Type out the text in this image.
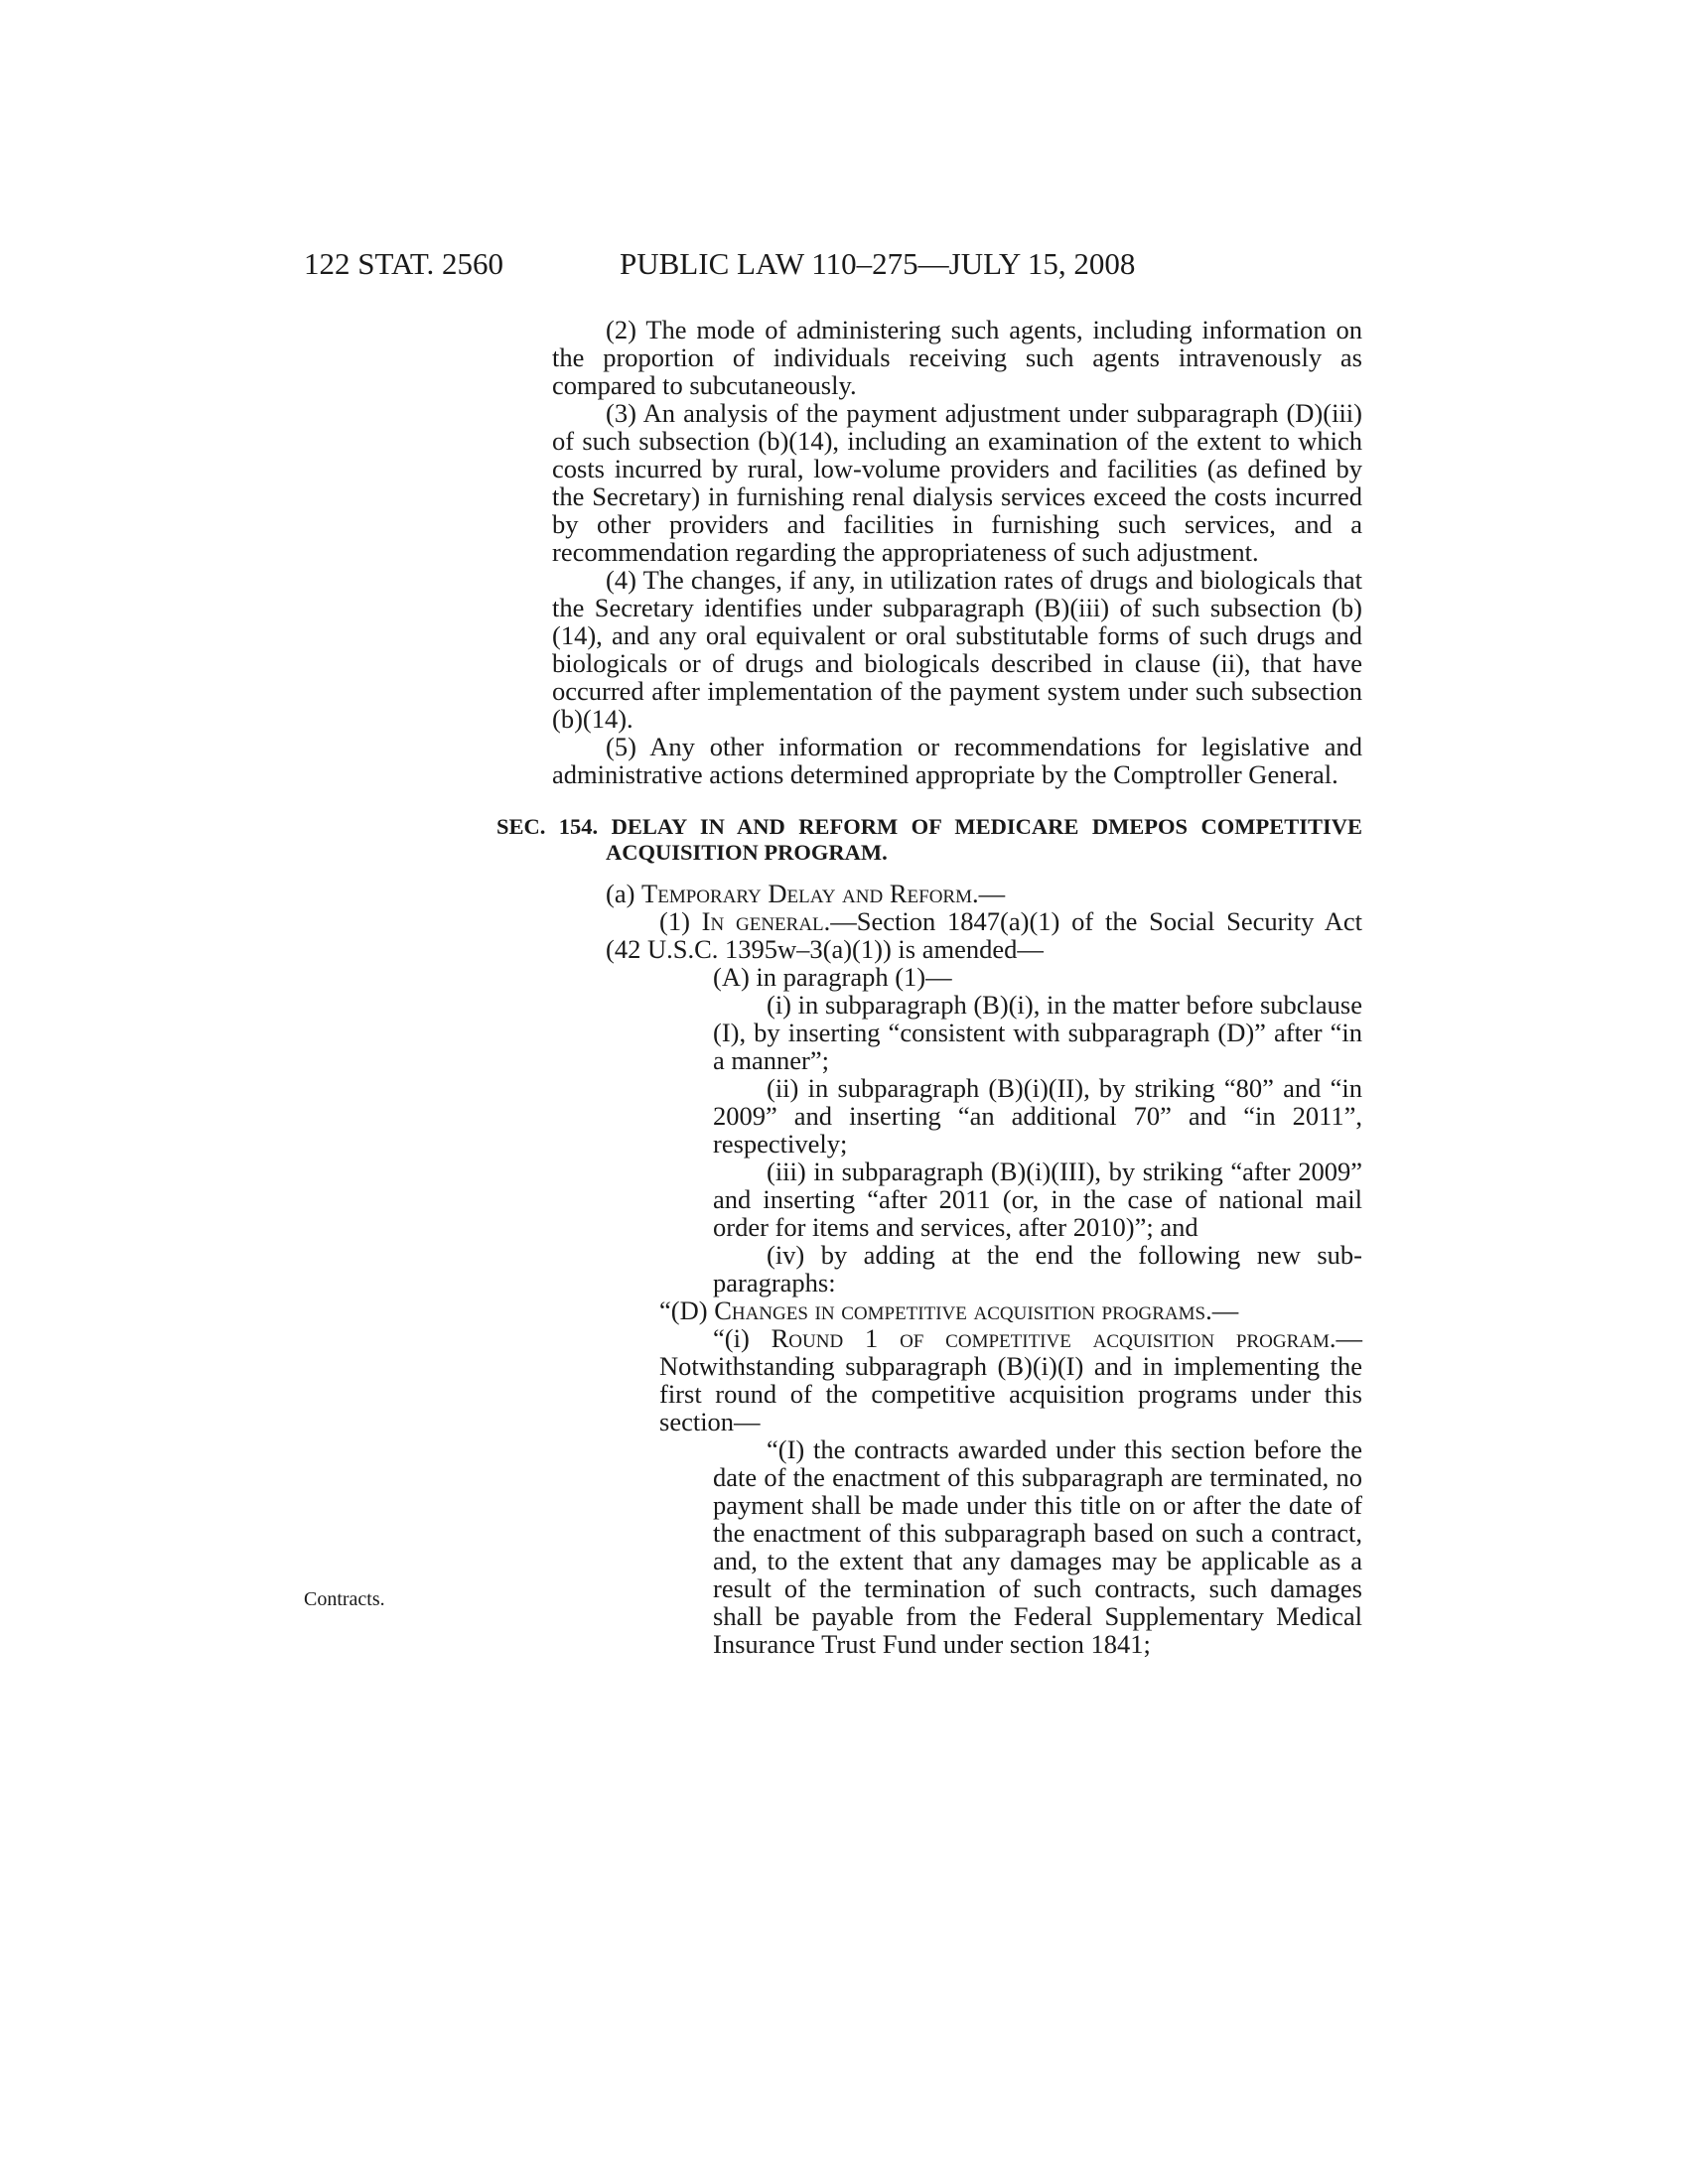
122 STAT. 2560	PUBLIC LAW 110–275—JULY 15, 2008
Contracts.

(2) The mode of administering such agents, including information on the proportion of individuals receiving such agents intravenously as compared to subcutaneously.

(3) An analysis of the payment adjustment under subparagraph (D)(iii) of such subsection (b)(14), including an examination of the extent to which costs incurred by rural, low-volume providers and facilities (as defined by the Secretary) in furnishing renal dialysis services exceed the costs incurred by other providers and facilities in furnishing such services, and a recommendation regarding the appropriateness of such adjustment.

(4) The changes, if any, in utilization rates of drugs and biologicals that the Secretary identifies under subparagraph (B)(iii) of such subsection (b)(14), and any oral equivalent or oral substitutable forms of such drugs and biologicals or of drugs and biologicals described in clause (ii), that have occurred after implementation of the payment system under such subsection (b)(14).

(5) Any other information or recommendations for legislative and administrative actions determined appropriate by the Comptroller General.

SEC. 154. DELAY IN AND REFORM OF MEDICARE DMEPOS COMPETITIVE ACQUISITION PROGRAM.

(a) Temporary Delay and Reform.—

(1) In general.—Section 1847(a)(1) of the Social Security Act (42 U.S.C. 1395w–3(a)(1)) is amended—

(A) in paragraph (1)—

(i) in subparagraph (B)(i), in the matter before subclause (I), by inserting “consistent with subparagraph (D)” after “in a manner”;

(ii) in subparagraph (B)(i)(II), by striking “80” and “in 2009” and inserting “an additional 70” and “in 2011”, respectively;

(iii) in subparagraph (B)(i)(III), by striking “after 2009” and inserting “after 2011 (or, in the case of national mail order for items and services, after 2010)”; and

(iv) by adding at the end the following new subparagraphs:

“(D) Changes in competitive acquisition programs.—

“(i) Round 1 of competitive acquisition program.—Notwithstanding subparagraph (B)(i)(I) and in implementing the first round of the competitive acquisition programs under this section—

“(I) the contracts awarded under this section before the date of the enactment of this subparagraph are terminated, no payment shall be made under this title on or after the date of the enactment of this subparagraph based on such a contract, and, to the extent that any damages may be applicable as a result of the termination of such contracts, such damages shall be payable from the Federal Supplementary Medical Insurance Trust Fund under section 1841;
